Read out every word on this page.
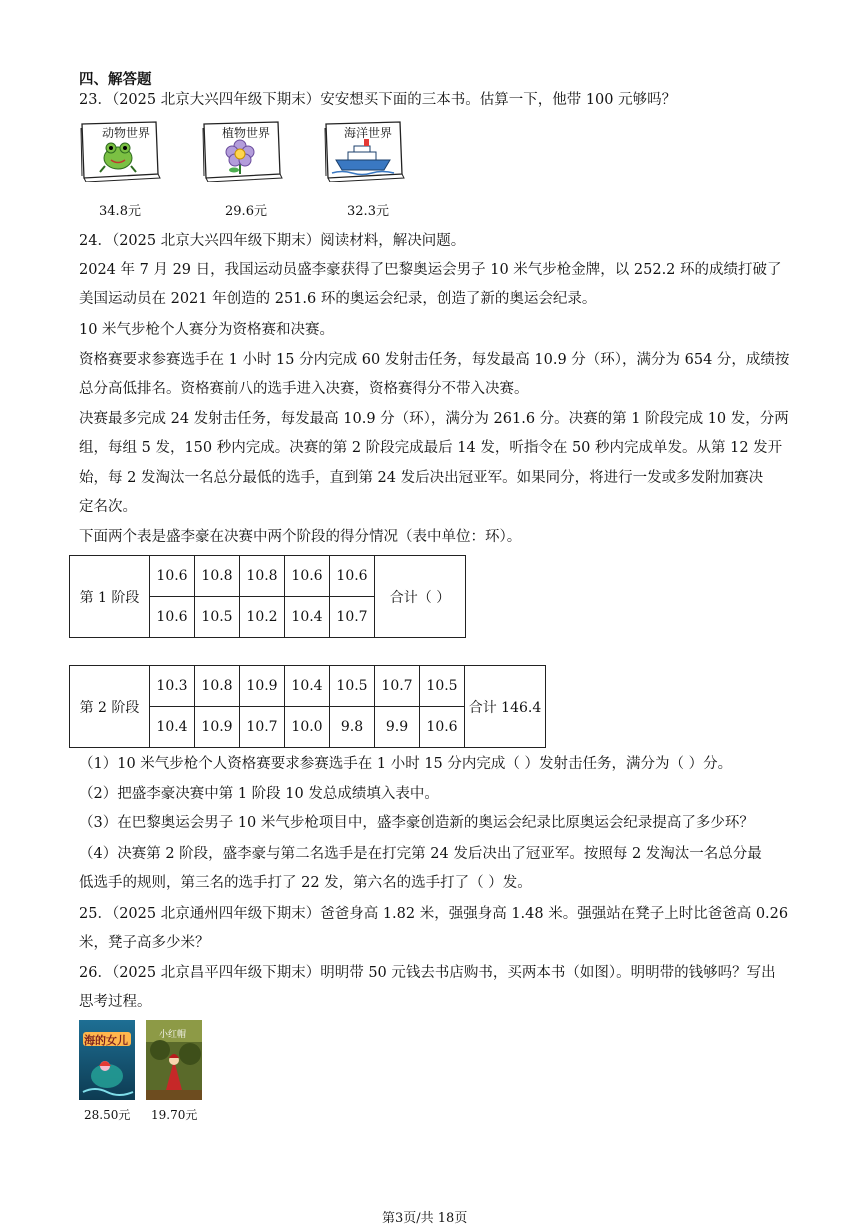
四、解答题
23．（2025 北京大兴四年级下期末）安安想买下面的三本书。估算一下，他带 100 元够吗？
动物世界
34.8元
植物世界
29.6元
海洋世界
32.3元
24．（2025 北京大兴四年级下期末）阅读材料，解决问题。
2024 年 7 月 29 日，我国运动员盛李豪获得了巴黎奥运会男子 10 米气步枪金牌，以 252.2 环的成绩打破了
美国运动员在 2021 年创造的 251.6 环的奥运会纪录，创造了新的奥运会纪录。
10 米气步枪个人赛分为资格赛和决赛。
资格赛要求参赛选手在 1 小时 15 分内完成 60 发射击任务，每发最高 10.9 分（环），满分为 654 分，成绩按
总分高低排名。资格赛前八的选手进入决赛，资格赛得分不带入决赛。
决赛最多完成 24 发射击任务，每发最高 10.9 分（环），满分为 261.6 分。决赛的第 1 阶段完成 10 发，分两
组，每组 5 发，150 秒内完成。决赛的第 2 阶段完成最后 14 发，听指令在 50 秒内完成单发。从第 12 发开
始，每 2 发淘汰一名总分最低的选手，直到第 24 发后决出冠亚军。如果同分，将进行一发或多发附加赛决
定名次。
下面两个表是盛李豪在决赛中两个阶段的得分情况（表中单位：环）。
第 1 阶段	10.6	10.8	10.8	10.6	10.6	合计（ ）
	10.6	10.5	10.2	10.4	10.7	
第 2 阶段	10.3	10.8	10.9	10.4	10.5	10.7	10.5	合计 146.4
	10.4	10.9	10.7	10.0	9.8	9.9	10.6	
（1）10 米气步枪个人资格赛要求参赛选手在 1 小时 15 分内完成（ ）发射击任务，满分为（ ）分。
（2）把盛李豪决赛中第 1 阶段 10 发总成绩填入表中。
（3）在巴黎奥运会男子 10 米气步枪项目中，盛李豪创造新的奥运会纪录比原奥运会纪录提高了多少环？
（4）决赛第 2 阶段，盛李豪与第二名选手是在打完第 24 发后决出了冠亚军。按照每 2 发淘汰一名总分最
低选手的规则，第三名的选手打了 22 发，第六名的选手打了（ ）发。
25．（2025 北京通州四年级下期末）爸爸身高 1.82 米，强强身高 1.48 米。强强站在凳子上时比爸爸高 0.26
米，凳子高多少米？
26．（2025 北京昌平四年级下期末）明明带 50 元钱去书店购书，买两本书（如图）。明明带的钱够吗？写出
思考过程。
海的女儿
28.50元
小红帽
19.70元
第3页/共 18页
